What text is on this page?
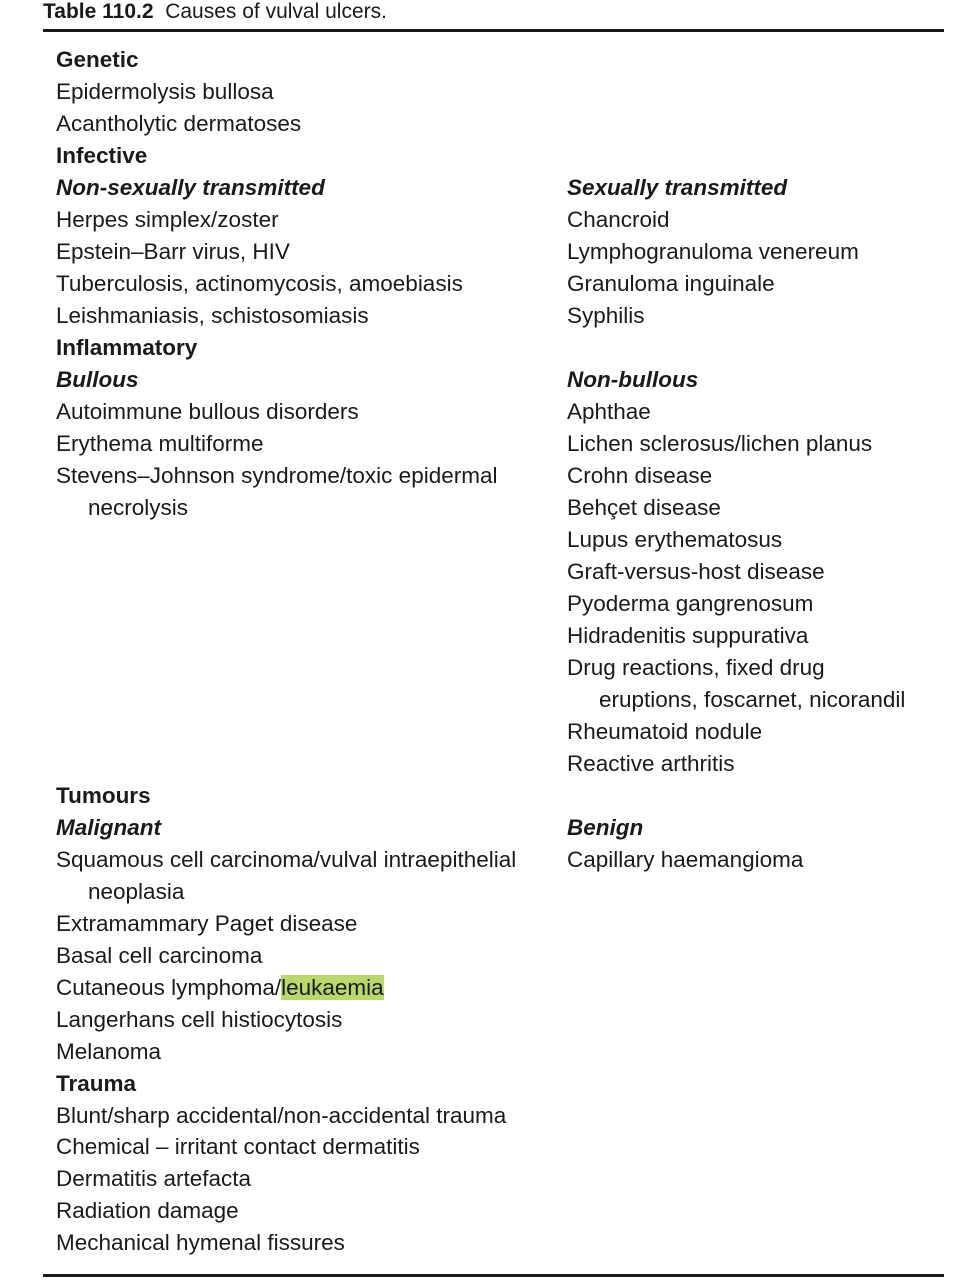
Table 110.2 Causes of vulval ulcers.
Genetic
Epidermolysis bullosa
Acantholytic dermatoses
Infective
Non-sexually transmitted
Herpes simplex/zoster
Epstein–Barr virus, HIV
Tuberculosis, actinomycosis, amoebiasis
Leishmaniasis, schistosomiasis
Sexually transmitted
Chancroid
Lymphogranuloma venereum
Granuloma inguinale
Syphilis
Inflammatory
Bullous
Autoimmune bullous disorders
Erythema multiforme
Stevens–Johnson syndrome/toxic epidermal
necrolysis
Non-bullous
Aphthae
Lichen sclerosus/lichen planus
Crohn disease
Behçet disease
Lupus erythematosus
Graft-versus-host disease
Pyoderma gangrenosum
Hidradenitis suppurativa
Drug reactions, fixed drug
eruptions, foscarnet, nicorandil
Rheumatoid nodule
Reactive arthritis
Tumours
Malignant
Squamous cell carcinoma/vulval intraepithelial
neoplasia
Extramammary Paget disease
Basal cell carcinoma
Cutaneous lymphoma/leukaemia
Langerhans cell histiocytosis
Melanoma
Benign
Capillary haemangioma
Trauma
Blunt/sharp accidental/non-accidental trauma
Chemical – irritant contact dermatitis
Dermatitis artefacta
Radiation damage
Mechanical hymenal fissures
